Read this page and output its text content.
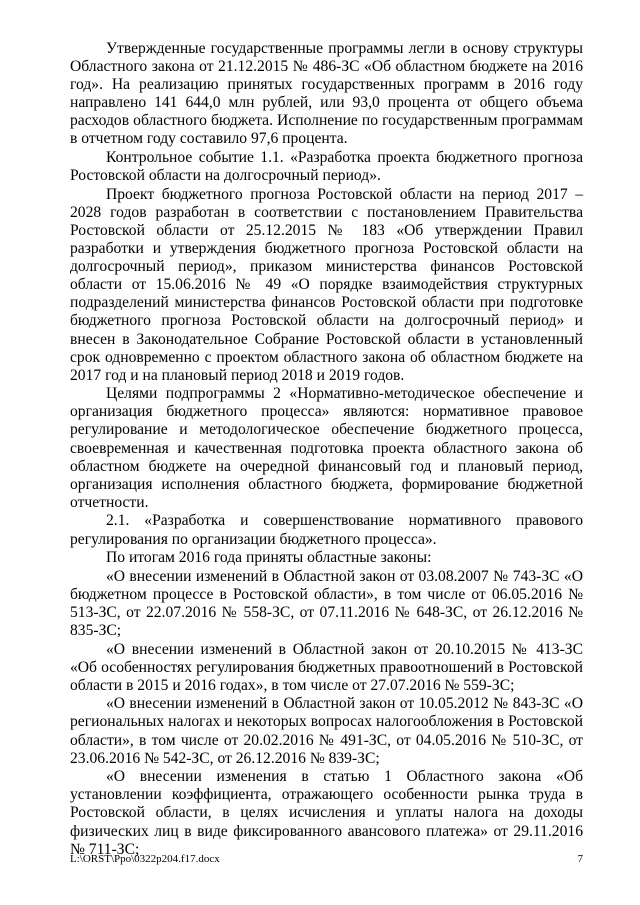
Утвержденные государственные программы легли в основу структуры Областного закона от 21.12.2015 № 486-ЗС «Об областном бюджете на 2016 год». На реализацию принятых государственных программ в 2016 году направлено 141 644,0 млн рублей, или 93,0 процента от общего объема расходов областного бюджета. Исполнение по государственным программам в отчетном году составило 97,6 процента.

Контрольное событие 1.1. «Разработка проекта бюджетного прогноза Ростовской области на долгосрочный период».

Проект бюджетного прогноза Ростовской области на период 2017 – 2028 годов разработан в соответствии с постановлением Правительства Ростовской области от 25.12.2015 № 183 «Об утверждении Правил разработки и утверждения бюджетного прогноза Ростовской области на долгосрочный период», приказом министерства финансов Ростовской области от 15.06.2016 № 49 «О порядке взаимодействия структурных подразделений министерства финансов Ростовской области при подготовке бюджетного прогноза Ростовской области на долгосрочный период» и внесен в Законодательное Собрание Ростовской области в установленный срок одновременно с проектом областного закона об областном бюджете на 2017 год и на плановый период 2018 и 2019 годов.

Целями подпрограммы 2 «Нормативно-методическое обеспечение и организация бюджетного процесса» являются: нормативное правовое регулирование и методологическое обеспечение бюджетного процесса, своевременная и качественная подготовка проекта областного закона об областном бюджете на очередной финансовый год и плановый период, организация исполнения областного бюджета, формирование бюджетной отчетности.

2.1. «Разработка и совершенствование нормативного правового регулирования по организации бюджетного процесса».

По итогам 2016 года приняты областные законы:

«О внесении изменений в Областной закон от 03.08.2007 № 743-ЗС «О бюджетном процессе в Ростовской области», в том числе от 06.05.2016 № 513-ЗС, от 22.07.2016 № 558-ЗС, от 07.11.2016 № 648-ЗС, от 26.12.2016 № 835-ЗС;

«О внесении изменений в Областной закон от 20.10.2015 № 413-ЗС «Об особенностях регулирования бюджетных правоотношений в Ростовской области в 2015 и 2016 годах», в том числе от 27.07.2016 № 559-ЗС;

«О внесении изменений в Областной закон от 10.05.2012 № 843-ЗС «О региональных налогах и некоторых вопросах налогообложения в Ростовской области», в том числе от 20.02.2016 № 491-ЗС, от 04.05.2016 № 510-ЗС, от 23.06.2016 № 542-ЗС, от 26.12.2016 № 839-ЗС;

«О внесении изменения в статью 1 Областного закона «Об установлении коэффициента, отражающего особенности рынка труда в Ростовской области, в целях исчисления и уплаты налога на доходы физических лиц в виде фиксированного авансового платежа» от 29.11.2016 № 711-ЗС;

L:\ORST\Ppo\0322p204.f17.docx	7
